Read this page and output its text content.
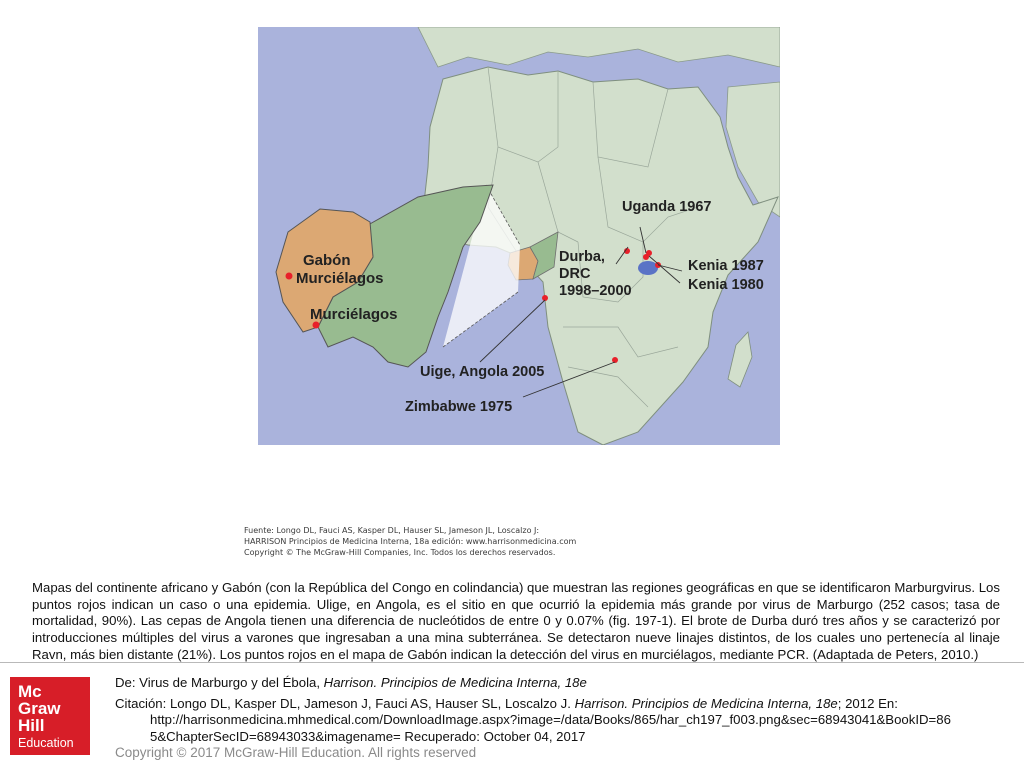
Gabón
Murciélagos
Murciélagos
Uganda 1967
Kenia 1987
Kenia 1980
Durba,
DRC
1998–2000
Uige, Angola 2005
Zimbabwe 1975
Fuente: Longo DL, Fauci AS, Kasper DL, Hauser SL, Jameson JL, Loscalzo J:
HARRISON Principios de Medicina Interna, 18a edición: www.harrisonmedicina.com
Copyright © The McGraw-Hill Companies, Inc. Todos los derechos reservados.

Mapas del continente africano y Gabón (con la República del Congo en colindancia) que muestran las regiones geográficas en que se identificaron Marburgvirus. Los puntos rojos indican un caso o una epidemia. Ulige, en Angola, es el sitio en que ocurrió la epidemia más grande por virus de Marburgo (252 casos; tasa de mortalidad, 90%). Las cepas de Angola tienen una diferencia de nucleótidos de entre 0 y 0.07% (fig. 197-1). El brote de Durba duró tres años y se caracterizó por introducciones múltiples del virus a varones que ingresaban a una mina subterránea. Se detectaron nueve linajes distintos, de los cuales uno pertenecía al linaje Ravn, más bien distante (21%). Los puntos rojos en el mapa de Gabón indican la detección del virus en murciélagos, mediante PCR. (Adaptada de Peters, 2010.)

Mc
Graw
Hill
Education
De: Virus de Marburgo y del Ébola, Harrison. Principios de Medicina Interna, 18e
Citación: Longo DL, Kasper DL, Jameson J, Fauci AS, Hauser SL, Loscalzo J. Harrison. Principios de Medicina Interna, 18e; 2012 En:
http://harrisonmedicina.mhmedical.com/DownloadImage.aspx?image=/data/Books/865/har_ch197_f003.png&sec=68943041&BookID=86
5&ChapterSecID=68943033&imagename= Recuperado: October 04, 2017
Copyright © 2017 McGraw-Hill Education. All rights reserved
